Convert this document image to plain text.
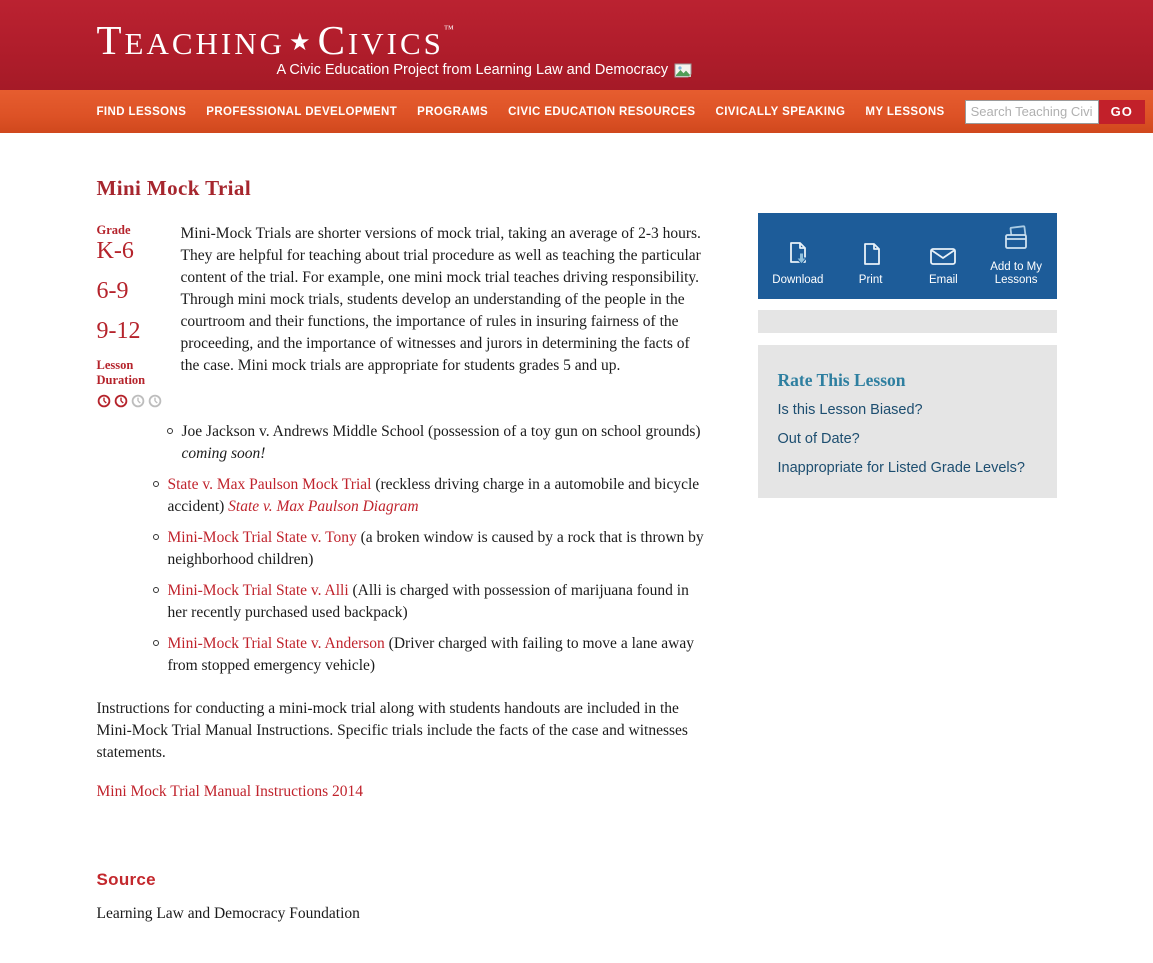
TEACHING ★CIVICS™
A Civic Education Project from Learning Law and Democracy
FIND LESSONS PROFESSIONAL DEVELOPMENT PROGRAMS CIVIC EDUCATION RESOURCES CIVICALLY SPEAKING MY LESSONS
Search Teaching Civics	GO
Mini Mock Trial
Grade
K-6
6-9
9-12
Lesson Duration

Mini-Mock Trials are shorter versions of mock trial, taking an average of 2-3 hours. They are helpful for teaching about trial procedure as well as teaching the particular content of the trial. For example, one mini mock trial teaches driving responsibility. Through mini mock trials, students develop an understanding of the people in the courtroom and their functions, the importance of rules in insuring fairness of the proceeding, and the importance of witnesses and jurors in determining the facts of the case. Mini mock trials are appropriate for students grades 5 and up.

Joe Jackson v. Andrews Middle School (possession of a toy gun on school grounds) coming soon!
State v. Max Paulson Mock Trial (reckless driving charge in a automobile and bicycle accident) State v. Max Paulson Diagram
Mini-Mock Trial State v. Tony (a broken window is caused by a rock that is thrown by neighborhood children)
Mini-Mock Trial State v. Alli (Alli is charged with possession of marijuana found in her recently purchased used backpack)
Mini-Mock Trial State v. Anderson (Driver charged with failing to move a lane away from stopped emergency vehicle)

Instructions for conducting a mini-mock trial along with students handouts are included in the Mini-Mock Trial Manual Instructions. Specific trials include the facts of the case and witnesses statements.

Mini Mock Trial Manual Instructions 2014
Source

Learning Law and Democracy Foundation

Download	Print	Email
Add to My Lessons
Rate This Lesson
Is this Lesson Biased?
Out of Date?
Inappropriate for Listed Grade Levels?
